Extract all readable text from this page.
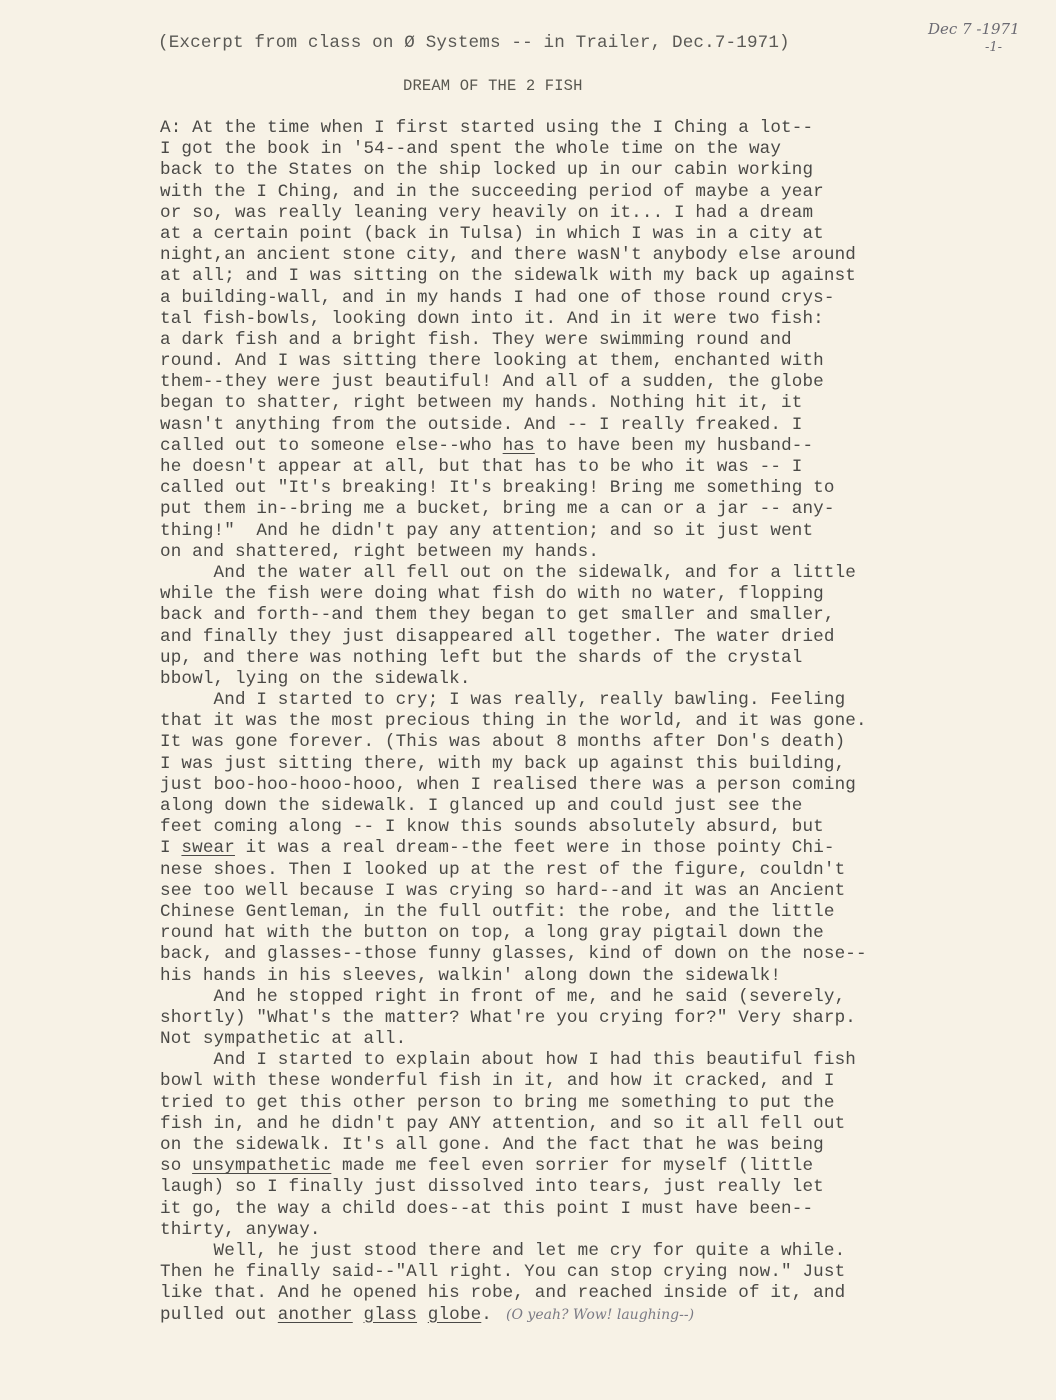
(Excerpt from class on Ø Systems -- in Trailer, Dec.7-1971)
Dec 7 -1971
-1-
DREAM OF THE 2 FISH
A: At the time when I first started using the I Ching a lot--
I got the book in '54--and spent the whole time on the way
back to the States on the ship locked up in our cabin working
with the I Ching, and in the succeeding period of maybe a year
or so, was really leaning very heavily on it... I had a dream
at a certain point (back in Tulsa) in which I was in a city at
night,an ancient stone city, and there wasN't anybody else around
at all; and I was sitting on the sidewalk with my back up against
a building-wall, and in my hands I had one of those round crys-
tal fish-bowls, looking down into it. And in it were two fish:
a dark fish and a bright fish. They were swimming round and
round. And I was sitting there looking at them, enchanted with
them--they were just beautiful! And all of a sudden, the globe
began to shatter, right between my hands. Nothing hit it, it
wasn't anything from the outside. And -- I really freaked. I
called out to someone else--who has to have been my husband--
he doesn't appear at all, but that has to be who it was -- I
called out "It's breaking! It's breaking! Bring me something to
put them in--bring me a bucket, bring me a can or a jar -- any-
thing!"  And he didn't pay any attention; and so it just went
on and shattered, right between my hands.
And the water all fell out on the sidewalk, and for a little
while the fish were doing what fish do with no water, flopping
back and forth--and them they began to get smaller and smaller,
and finally they just disappeared all together. The water dried
up, and there was nothing left but the shards of the crystal
bbowl, lying on the sidewalk.
And I started to cry; I was really, really bawling. Feeling
that it was the most precious thing in the world, and it was gone.
It was gone forever. (This was about 8 months after Don's death)
I was just sitting there, with my back up against this building,
just boo-hoo-hooo-hooo, when I realised there was a person coming
along down the sidewalk. I glanced up and could just see the
feet coming along -- I know this sounds absolutely absurd, but
I swear it was a real dream--the feet were in those pointy Chi-
nese shoes. Then I looked up at the rest of the figure, couldn't
see too well because I was crying so hard--and it was an Ancient
Chinese Gentleman, in the full outfit: the robe, and the little
round hat with the button on top, a long gray pigtail down the
back, and glasses--those funny glasses, kind of down on the nose--
his hands in his sleeves, walkin' along down the sidewalk!
And he stopped right in front of me, and he said (severely,
shortly) "What's the matter? What're you crying for?" Very sharp.
Not sympathetic at all.
And I started to explain about how I had this beautiful fish
bowl with these wonderful fish in it, and how it cracked, and I
tried to get this other person to bring me something to put the
fish in, and he didn't pay ANY attention, and so it all fell out
on the sidewalk. It's all gone. And the fact that he was being
so unsympathetic made me feel even sorrier for myself (little
laugh) so I finally just dissolved into tears, just really let
it go, the way a child does--at this point I must have been--
thirty, anyway.
Well, he just stood there and let me cry for quite a while.
Then he finally said--"All right. You can stop crying now." Just
like that. And he opened his robe, and reached inside of it, and
pulled out another glass globe. (O yeah? Wow! laughing--)
